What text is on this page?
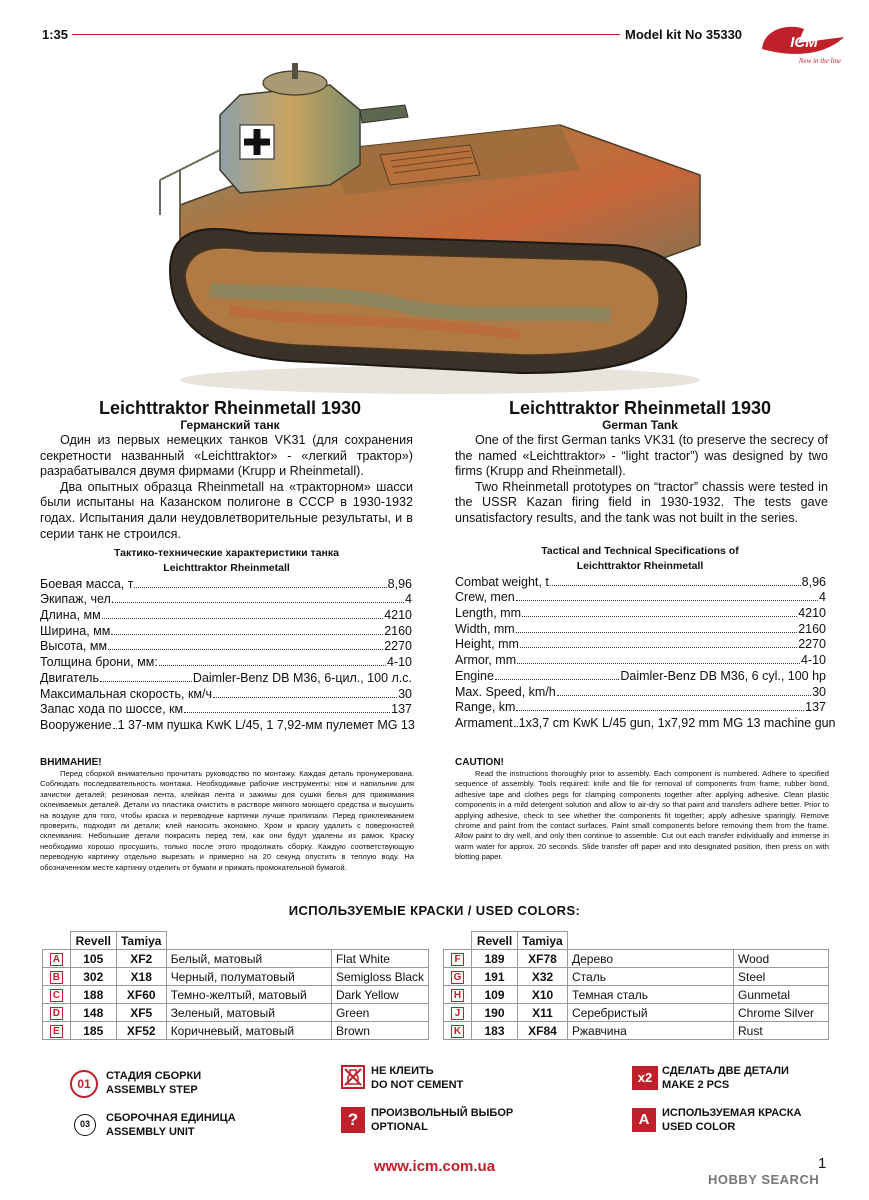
1:35	Model kit No 35330	ICM
New in the line
Leichttraktor Rheinmetall 1930
Германский танк
Leichttraktor Rheinmetall 1930
German Tank

Один из первых немецких танков VK31 (для сохранения секретности названный «Leichttraktor» - «легкий трактор») разрабатывался двумя фирмами (Krupp и Rheinmetall).

Два опытных образца Rheinmetall на «тракторном» шасси были испытаны на Казанском полигоне в СССР в 1930-1932 годах. Испытания дали неудовлетворительные результаты, и в серии танк не строился.

One of the first German tanks VK31 (to preserve the secrecy of the named «Leichttraktor» - “light tractor”) was designed by two firms (Krupp and Rheinmetall).

Two Rheinmetall prototypes on “tractor” chassis were tested in the USSR Kazan firing field in 1930-1932. The tests gave unsatisfactory results, and the tank was not built in the series.

Тактико-технические характеристики танка
Leichttraktor Rheinmetall
Tactical and Technical Specifications of
Leichttraktor Rheinmetall
Боевая масса, т	8,96
Экипаж, чел.	4
Длина, мм	4210
Ширина, мм	2160
Высота, мм	2270
Толщина брони, мм:	4-10
Двигатель	Daimler-Benz DB M36, 6-цил., 100 л.с.
Максимальная скорость, км/ч	30
Запас хода по шоссе, км	137
Вооружение 1 37-мм пушка KwK L/45, 1 7,92-мм пулемет MG 13
Combat weight, t	8,96
Crew, men	4
Length, mm	4210
Width, mm	2160
Height, mm	2270
Armor, mm	4-10
Engine	Daimler-Benz DB M36, 6 cyl., 100 hp
Max. Speed, km/h	30
Range, km	137
Armament 1x3,7 cm KwK L/45 gun, 1x7,92 mm MG 13 machine gun
ВНИМАНИЕ!
Перед сборкой внимательно прочитать руководство по монтажу. Каждая деталь пронумерована. Соблюдать последовательность монтажа. Необходимые рабочие инструменты: нож и напильник для зачистки деталей; резиновая лента, клейкая лента и зажимы для сушки белья для прижимания склеиваемых деталей. Детали из пластика очистить в растворе мягкого моющего средства и высушить на воздухе для того, чтобы краска и переводные картинки лучше прилипали. Перед приклеиванием проверить, подходят ли детали; клей наносить экономно. Хром и краску удалить с поверхностей склеивания. Небольшие детали покрасить перед тем, как они будут удалены из рамок. Краску необходимо хорошо просушить, только после этого продолжать сборку. Каждую соответствующую переводную картинку отдельно вырезать и примерно на 20 секунд опустить в теплую воду. На обозначенном месте картинку отделить от бумаги и прижать промокательной бумагой.
CAUTION!
Read the instructions thoroughly prior to assembly. Each component is numbered. Adhere to specified sequence of assembly. Tools required: knife and file for removal of components from frame; rubber bond, adhesive tape and clothes pegs for clamping components together after applying adhesive. Clean plastic components in a mild detergent solution and allow to air-dry so that paint and transfers adhere better. Prior to applying adhesive, check to see whether the components fit together; apply adhesive sparingly. Remove chrome and paint from the contact surfaces. Paint small components before removing them from the frame. Allow paint to dry well, and only then continue to assemble. Cut out each transfer individually and immerse in warm water for approx. 20 seconds. Slide transfer off paper and into designated position, then press on with blotting paper.
ИСПОЛЬЗУЕМЫЕ КРАСКИ / USED COLORS:
	Revell	Tamiya		
A	105	XF2	Белый, матовый	Flat White
B	302	X18	Черный, полуматовый	Semigloss Black
C	188	XF60	Темно-желтый, матовый	Dark Yellow
D	148	XF5	Зеленый, матовый	Green
E	185	XF52	Коричневый, матовый	Brown
	Revell	Tamiya		
F	189	XF78	Дерево	Wood
G	191	X32	Сталь	Steel
H	109	X10	Темная сталь	Gunmetal
J	190	X11	Серебристый	Chrome Silver
K	183	XF84	Ржавчина	Rust
01
СТАДИЯ СБОРКИ
ASSEMBLY STEP
03	СБОРОЧНАЯ ЕДИНИЦА
ASSEMBLY UNIT
НЕ КЛЕИТЬ
DO NOT CEMENT
?	ПРОИЗВОЛЬНЫЙ ВЫБОР
OPTIONAL
x2 СДЕЛАТЬ ДВЕ ДЕТАЛИ
MAKE 2 PCS
A	ИСПОЛЬЗУЕМАЯ КРАСКА
USED COLOR
www.icm.com.ua	1
HOBBY SEARCH
